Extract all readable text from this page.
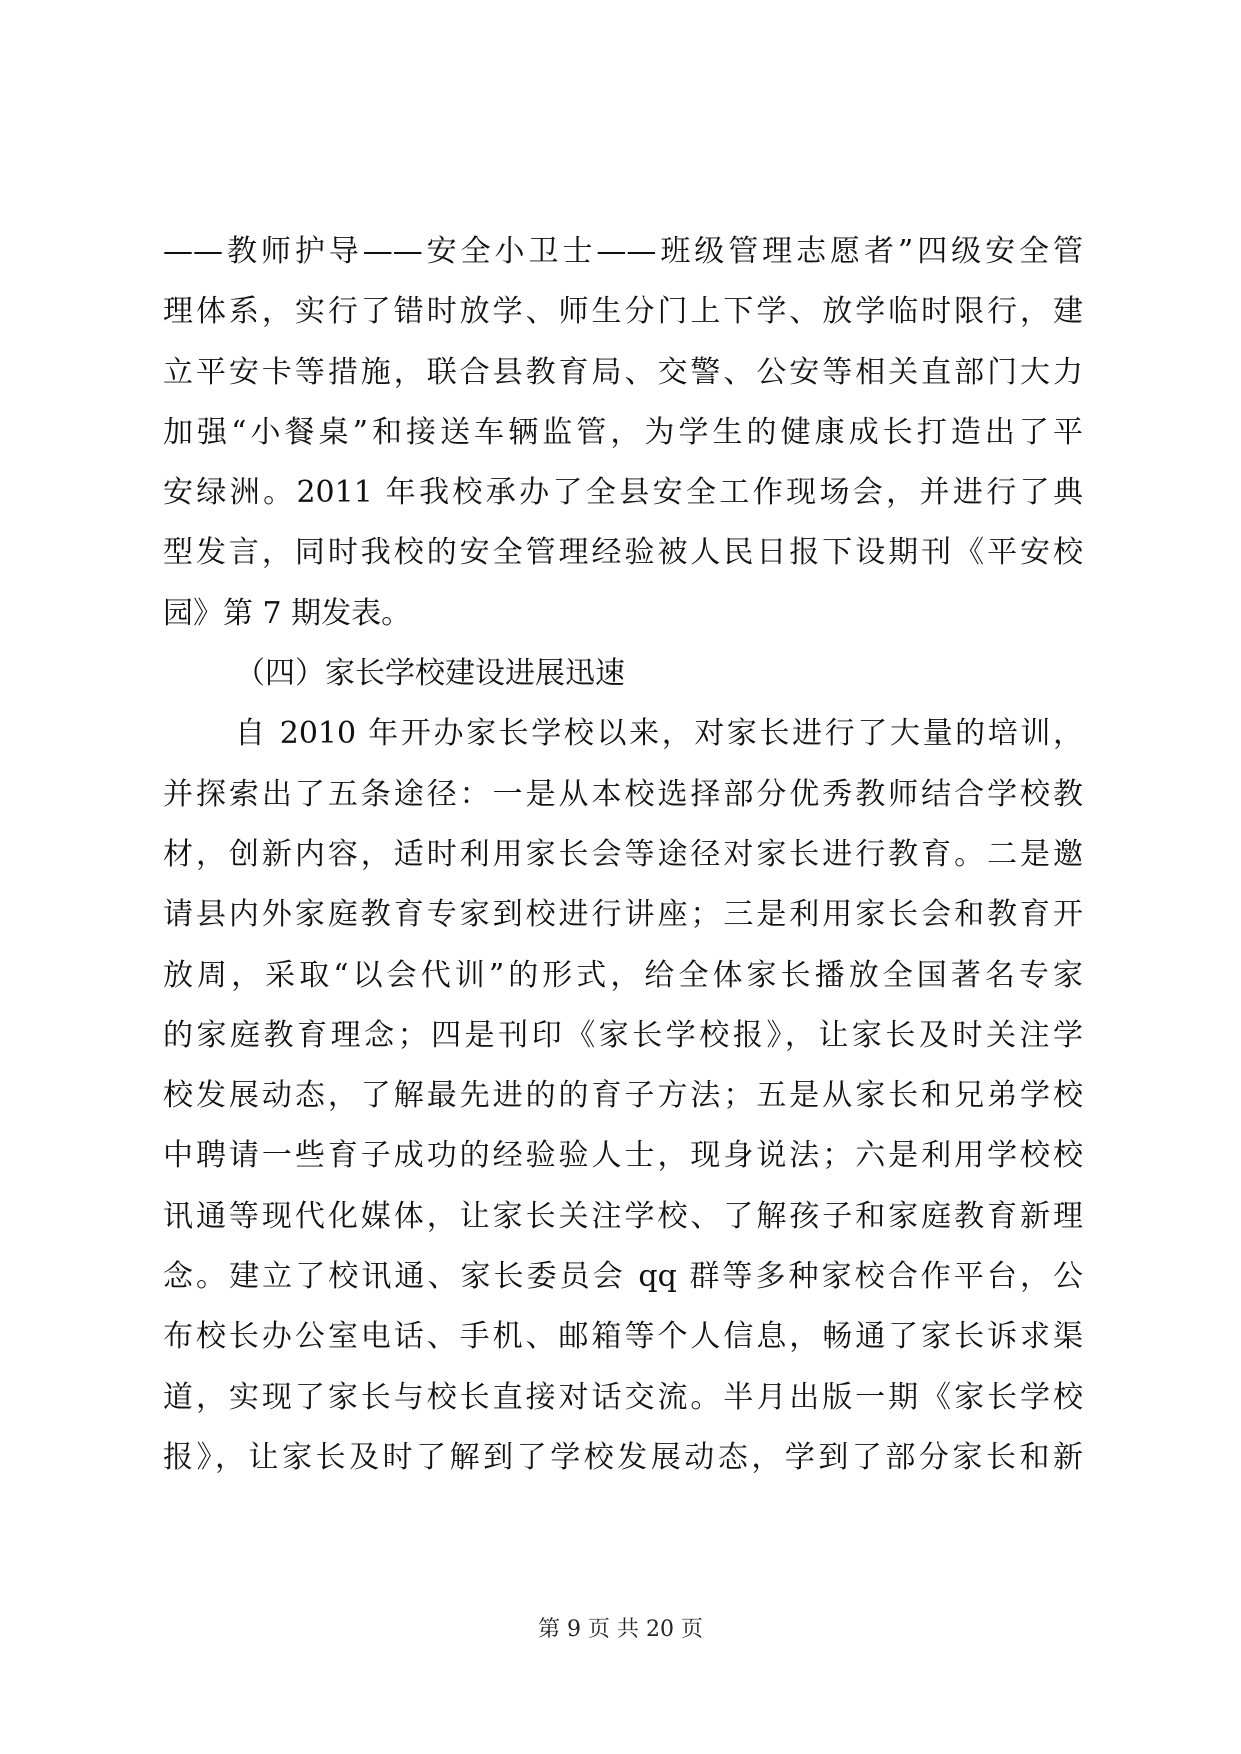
——教师护导——安全小卫士——班级管理志愿者”四级安全管
理体系，实行了错时放学、师生分门上下学、放学临时限行，建
立平安卡等措施，联合县教育局、交警、公安等相关直部门大力
加强“小餐桌”和接送车辆监管，为学生的健康成长打造出了平
安绿洲。2011 年我校承办了全县安全工作现场会，并进行了典
型发言，同时我校的安全管理经验被人民日报下设期刊《平安校
园》第 7 期发表。
（四）家长学校建设进展迅速
自 2010 年开办家长学校以来，对家长进行了大量的培训，
并探索出了五条途径：一是从本校选择部分优秀教师结合学校教
材，创新内容，适时利用家长会等途径对家长进行教育。二是邀
请县内外家庭教育专家到校进行讲座；三是利用家长会和教育开
放周，采取“以会代训”的形式，给全体家长播放全国著名专家
的家庭教育理念；四是刊印《家长学校报》，让家长及时关注学
校发展动态，了解最先进的的育子方法；五是从家长和兄弟学校
中聘请一些育子成功的经验验人士，现身说法；六是利用学校校
讯通等现代化媒体，让家长关注学校、了解孩子和家庭教育新理
念。建立了校讯通、家长委员会 qq 群等多种家校合作平台，公
布校长办公室电话、手机、邮箱等个人信息，畅通了家长诉求渠
道，实现了家长与校长直接对话交流。半月出版一期《家长学校
报》，让家长及时了解到了学校发展动态，学到了部分家长和新
第 9 页 共 20 页
